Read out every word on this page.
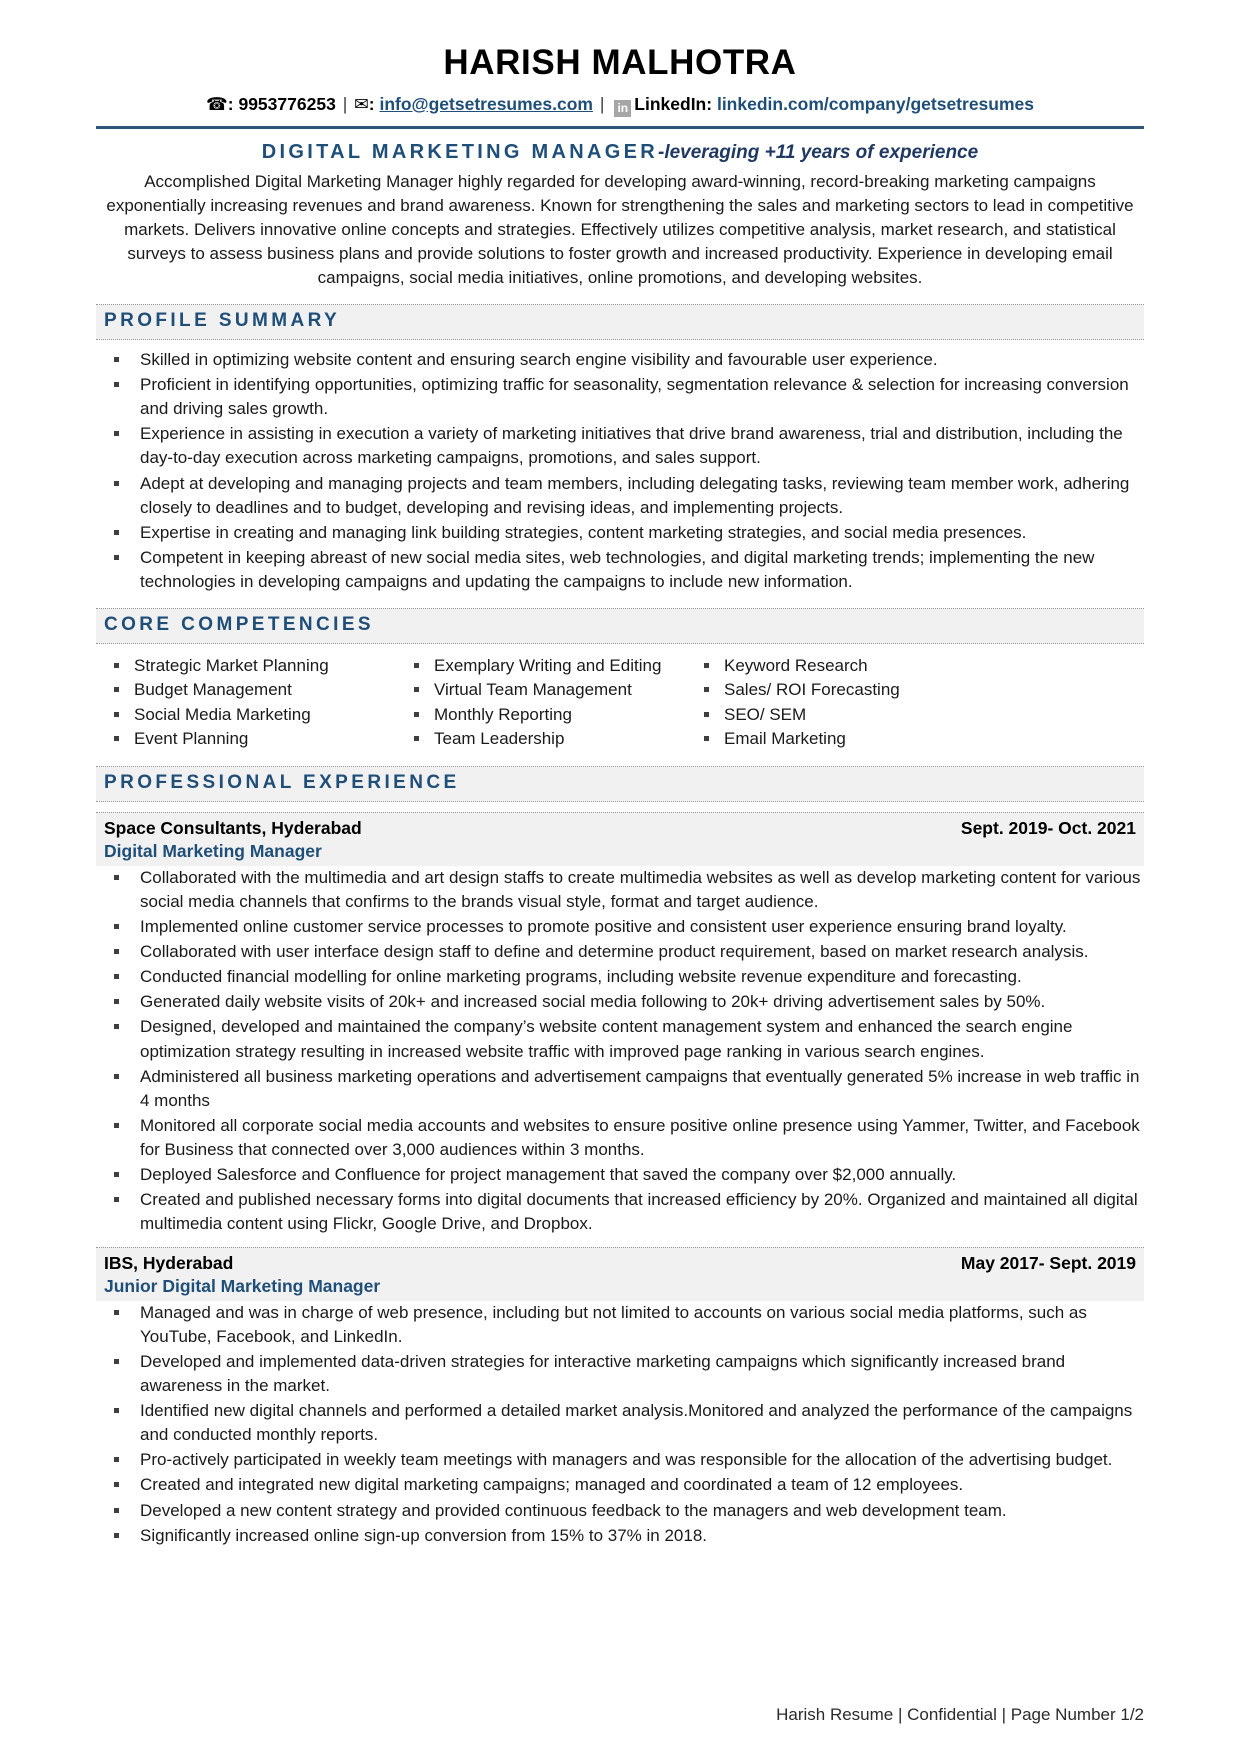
HARISH MALHOTRA
☎: 9953776253 | ✉: info@getsetresumes.com | in LinkedIn: linkedin.com/company/getsetresumes
DIGITAL MARKETING MANAGER-leveraging +11 years of experience
Accomplished Digital Marketing Manager highly regarded for developing award-winning, record-breaking marketing campaigns exponentially increasing revenues and brand awareness. Known for strengthening the sales and marketing sectors to lead in competitive markets. Delivers innovative online concepts and strategies. Effectively utilizes competitive analysis, market research, and statistical surveys to assess business plans and provide solutions to foster growth and increased productivity. Experience in developing email campaigns, social media initiatives, online promotions, and developing websites.
PROFILE SUMMARY
Skilled in optimizing website content and ensuring search engine visibility and favourable user experience.
Proficient in identifying opportunities, optimizing traffic for seasonality, segmentation relevance & selection for increasing conversion and driving sales growth.
Experience in assisting in execution a variety of marketing initiatives that drive brand awareness, trial and distribution, including the day-to-day execution across marketing campaigns, promotions, and sales support.
Adept at developing and managing projects and team members, including delegating tasks, reviewing team member work, adhering closely to deadlines and to budget, developing and revising ideas, and implementing projects.
Expertise in creating and managing link building strategies, content marketing strategies, and social media presences.
Competent in keeping abreast of new social media sites, web technologies, and digital marketing trends; implementing the new technologies in developing campaigns and updating the campaigns to include new information.
CORE COMPETENCIES
Strategic Market Planning	Exemplary Writing and Editing	Keyword Research
Budget Management	Virtual Team Management	Sales/ ROI Forecasting
Social Media Marketing	Monthly Reporting	SEO/ SEM
Event Planning	Team Leadership	Email Marketing
PROFESSIONAL EXPERIENCE
Space Consultants, Hyderabad	Sept. 2019- Oct. 2021
Digital Marketing Manager
Collaborated with the multimedia and art design staffs to create multimedia websites as well as develop marketing content for various social media channels that confirms to the brands visual style, format and target audience.
Implemented online customer service processes to promote positive and consistent user experience ensuring brand loyalty.
Collaborated with user interface design staff to define and determine product requirement, based on market research analysis.
Conducted financial modelling for online marketing programs, including website revenue expenditure and forecasting.
Generated daily website visits of 20k+ and increased social media following to 20k+ driving advertisement sales by 50%.
Designed, developed and maintained the company’s website content management system and enhanced the search engine optimization strategy resulting in increased website traffic with improved page ranking in various search engines.
Administered all business marketing operations and advertisement campaigns that eventually generated 5% increase in web traffic in 4 months
Monitored all corporate social media accounts and websites to ensure positive online presence using Yammer, Twitter, and Facebook for Business that connected over 3,000 audiences within 3 months.
Deployed Salesforce and Confluence for project management that saved the company over $2,000 annually.
Created and published necessary forms into digital documents that increased efficiency by 20%. Organized and maintained all digital multimedia content using Flickr, Google Drive, and Dropbox.
IBS, Hyderabad	May 2017- Sept. 2019
Junior Digital Marketing Manager
Managed and was in charge of web presence, including but not limited to accounts on various social media platforms, such as YouTube, Facebook, and LinkedIn.
Developed and implemented data-driven strategies for interactive marketing campaigns which significantly increased brand awareness in the market.
Identified new digital channels and performed a detailed market analysis.Monitored and analyzed the performance of the campaigns and conducted monthly reports.
Pro-actively participated in weekly team meetings with managers and was responsible for the allocation of the advertising budget.
Created and integrated new digital marketing campaigns; managed and coordinated a team of 12 employees.
Developed a new content strategy and provided continuous feedback to the managers and web development team.
Significantly increased online sign-up conversion from 15% to 37% in 2018.
Harish Resume | Confidential | Page Number 1/2
